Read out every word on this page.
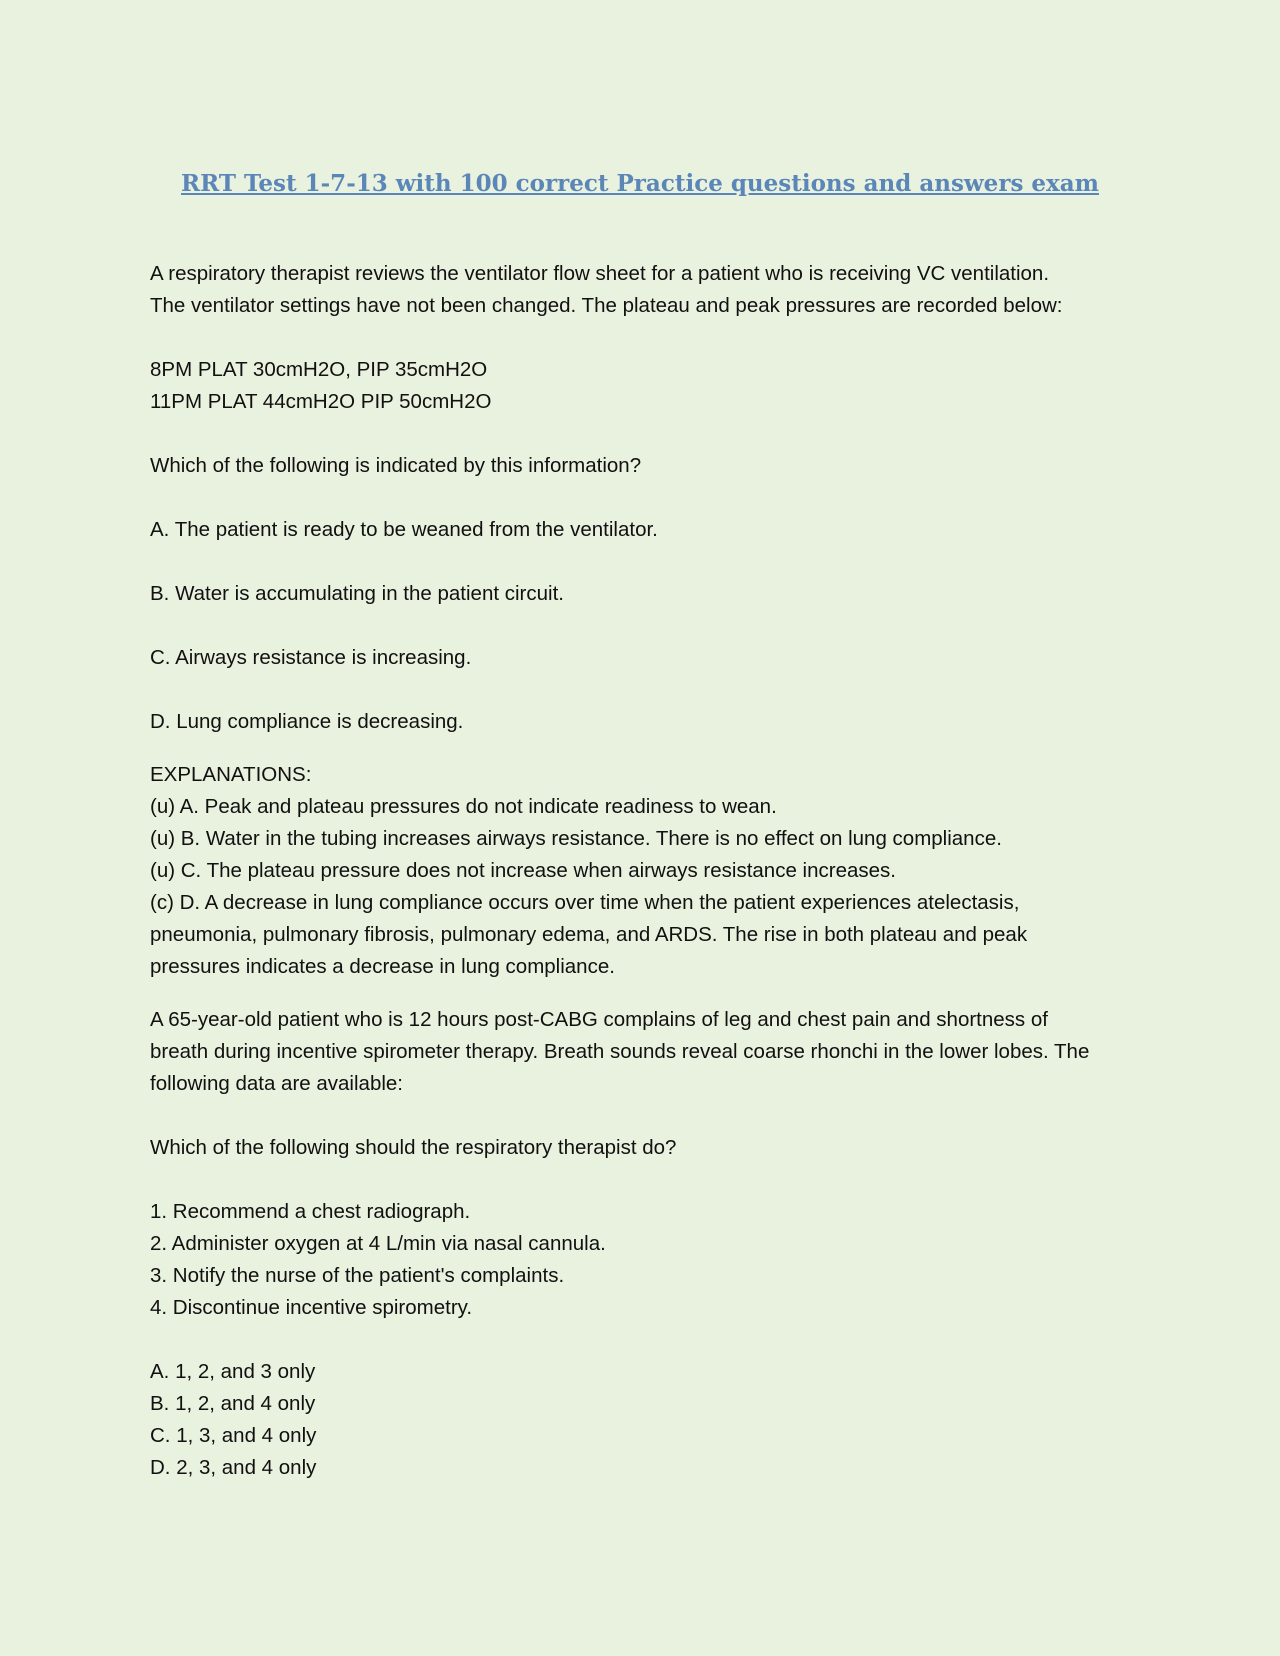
RRT Test 1-7-13 with 100 correct Practice questions and answers exam

A respiratory therapist reviews the ventilator flow sheet for a patient who is receiving VC ventilation.

The ventilator settings have not been changed. The plateau and peak pressures are recorded below:

8PM PLAT 30cmH2O, PIP 35cmH2O

11PM PLAT 44cmH2O PIP 50cmH2O

Which of the following is indicated by this information?

A. The patient is ready to be weaned from the ventilator.

B. Water is accumulating in the patient circuit.

C. Airways resistance is increasing.

D. Lung compliance is decreasing.

EXPLANATIONS:

(u) A. Peak and plateau pressures do not indicate readiness to wean.

(u) B. Water in the tubing increases airways resistance. There is no effect on lung compliance.

(u) C. The plateau pressure does not increase when airways resistance increases.

(c) D. A decrease in lung compliance occurs over time when the patient experiences atelectasis,

pneumonia, pulmonary fibrosis, pulmonary edema, and ARDS. The rise in both plateau and peak

pressures indicates a decrease in lung compliance.

A 65-year-old patient who is 12 hours post-CABG complains of leg and chest pain and shortness of

breath during incentive spirometer therapy. Breath sounds reveal coarse rhonchi in the lower lobes. The

following data are available:

Which of the following should the respiratory therapist do?

1. Recommend a chest radiograph.

2. Administer oxygen at 4 L/min via nasal cannula.

3. Notify the nurse of the patient's complaints.

4. Discontinue incentive spirometry.

A. 1, 2, and 3 only

B. 1, 2, and 4 only

C. 1, 3, and 4 only

D. 2, 3, and 4 only
